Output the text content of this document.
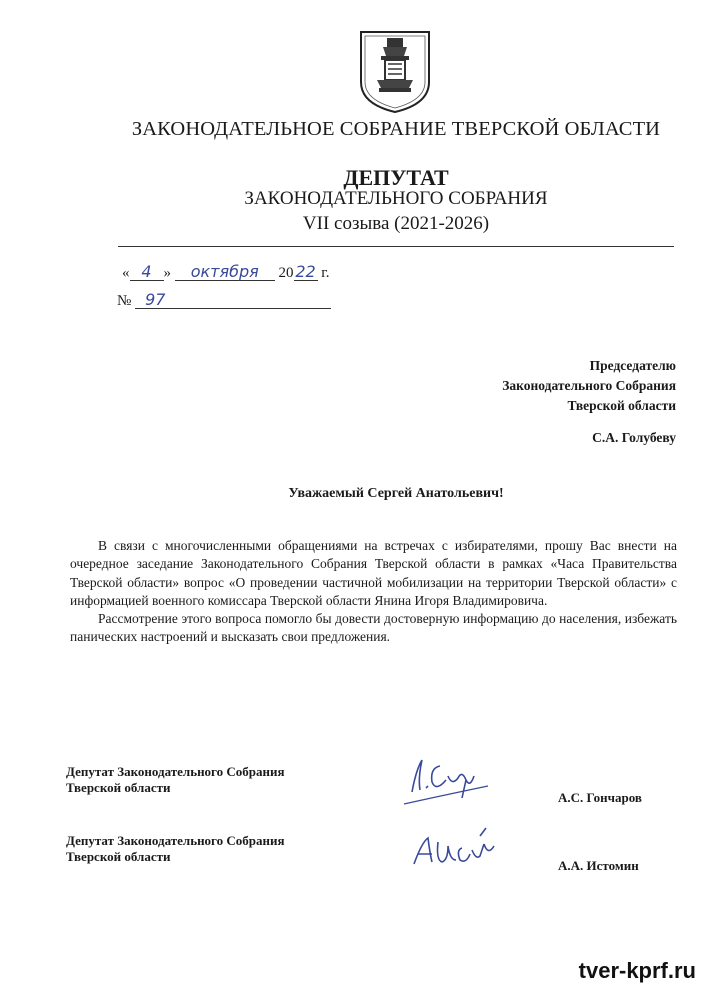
ЗАКОНОДАТЕЛЬНОЕ СОБРАНИЕ ТВЕРСКОЙ ОБЛАСТИ
ДЕПУТАТ
ЗАКОНОДАТЕЛЬНОГО СОБРАНИЯ
VII созыва (2021-2026)
« 4 » октября 20 22 г.
№ 97
Председателю
Законодательного Собрания
Тверской области
С.А. Голубеву
Уважаемый Сергей Анатольевич!

В связи с многочисленными обращениями на встречах с избирателями, прошу Вас внести на очередное заседание Законодательного Собрания Тверской области в рамках «Часа Правительства Тверской области» вопрос «О проведении частичной мобилизации на территории Тверской области» с информацией военного комиссара Тверской области Янина Игоря Владимировича.

Рассмотрение этого вопроса помогло бы довести достоверную информацию до населения, избежать панических настроений и высказать свои предложения.

Депутат Законодательного Собрания
Тверской области
А.С. Гончаров
Депутат Законодательного Собрания
Тверской области
А.А. Истомин
tver-kprf.ru
